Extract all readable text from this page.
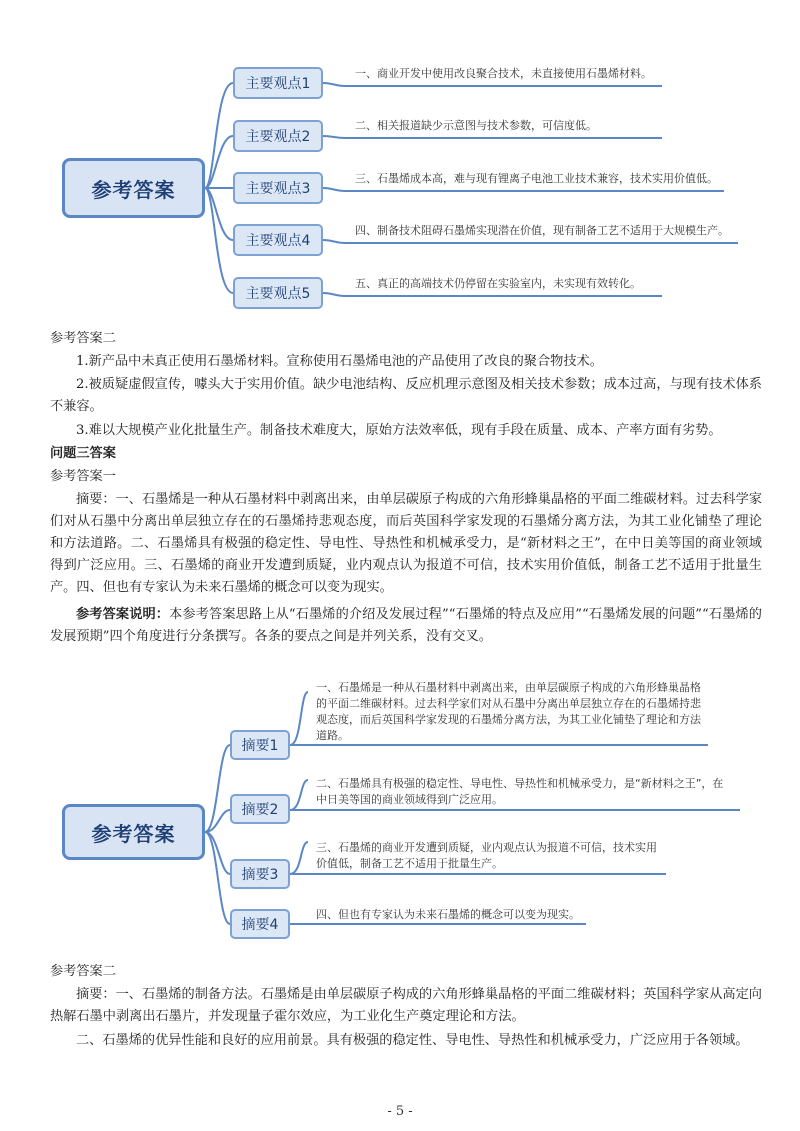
参考答案
主要观点1
主要观点2
主要观点3
主要观点4
主要观点5
一、商业开发中使用改良聚合技术，未直接使用石墨烯材料。
二、相关报道缺少示意图与技术参数，可信度低。
三、石墨烯成本高，难与现有锂离子电池工业技术兼容，技术实用价值低。
四、制备技术阻碍石墨烯实现潜在价值，现有制备工艺不适用于大规模生产。
五、真正的高端技术仍停留在实验室内，未实现有效转化。
参考答案二
1.新产品中未真正使用石墨烯材料。宣称使用石墨烯电池的产品使用了改良的聚合物技术。
2.被质疑虚假宣传，噱头大于实用价值。缺少电池结构、反应机理示意图及相关技术参数；成本过高，与现有技术体系不兼容。
3.难以大规模产业化批量生产。制备技术难度大，原始方法效率低，现有手段在质量、成本、产率方面有劣势。
问题三答案
参考答案一
摘要：一、石墨烯是一种从石墨材料中剥离出来，由单层碳原子构成的六角形蜂巢晶格的平面二维碳材料。过去科学家们对从石墨中分离出单层独立存在的石墨烯持悲观态度，而后英国科学家发现的石墨烯分离方法，为其工业化铺垫了理论和方法道路。二、石墨烯具有极强的稳定性、导电性、导热性和机械承受力，是“新材料之王”，在中日美等国的商业领域得到广泛应用。三、石墨烯的商业开发遭到质疑，业内观点认为报道不可信，技术实用价值低，制备工艺不适用于批量生产。四、但也有专家认为未来石墨烯的概念可以变为现实。
参考答案说明：本参考答案思路上从“石墨烯的介绍及发展过程”“石墨烯的特点及应用”“石墨烯发展的问题”“石墨烯的发展预期”四个角度进行分条撰写。各条的要点之间是并列关系，没有交叉。
参考答案
摘要1
摘要2
摘要3
摘要4
一、石墨烯是一种从石墨材料中剥离出来，由单层碳原子构成的六角形蜂巢晶格
的平面二维碳材料。过去科学家们对从石墨中分离出单层独立存在的石墨烯持悲
观态度，而后英国科学家发现的石墨烯分离方法，为其工业化铺垫了理论和方法
道路。
二、石墨烯具有极强的稳定性、导电性、导热性和机械承受力，是“新材料之王”，在
中日美等国的商业领域得到广泛应用。
三、石墨烯的商业开发遭到质疑，业内观点认为报道不可信，技术实用
价值低，制备工艺不适用于批量生产。
四、但也有专家认为未来石墨烯的概念可以变为现实。
参考答案二
摘要：一、石墨烯的制备方法。石墨烯是由单层碳原子构成的六角形蜂巢晶格的平面二维碳材料；英国科学家从高定向热解石墨中剥离出石墨片，并发现量子霍尔效应，为工业化生产奠定理论和方法。
二、石墨烯的优异性能和良好的应用前景。具有极强的稳定性、导电性、导热性和机械承受力，广泛应用于各领域。
- 5 -
